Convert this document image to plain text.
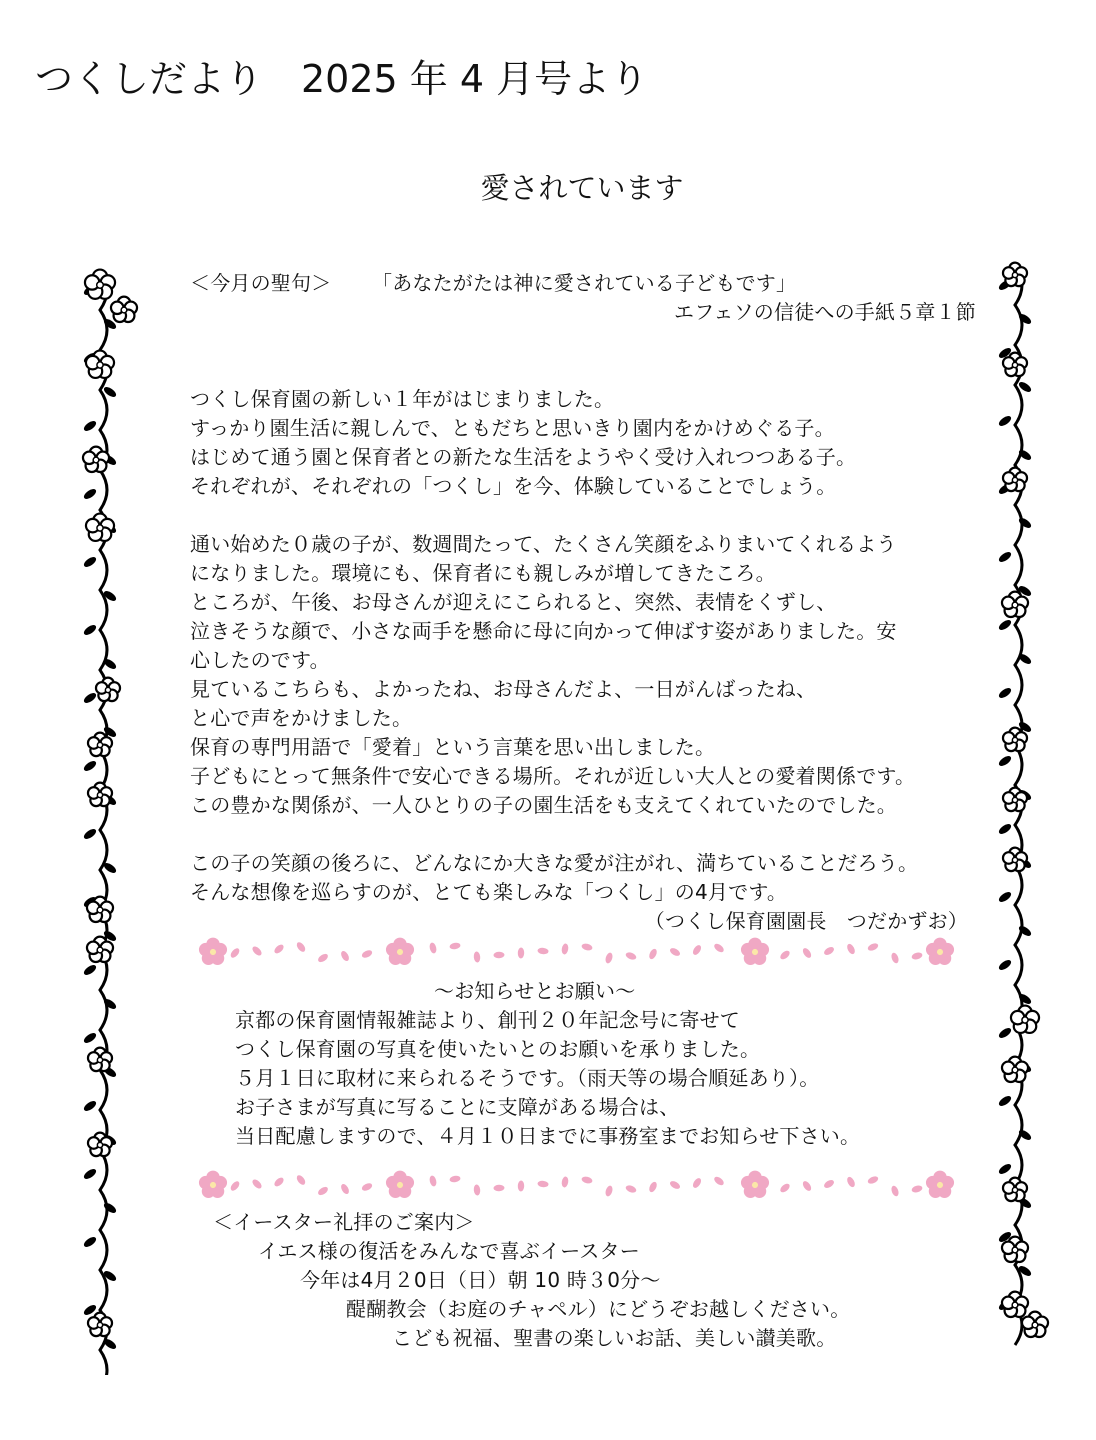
つくしだより　2025 年 4 月号より
愛されています
＜今月の聖句＞ 「あなたがたは神に愛されている子どもです」
エフェソの信徒への手紙５章１節
つくし保育園の新しい１年がはじまりました。
すっかり園生活に親しんで、ともだちと思いきり園内をかけめぐる子。
はじめて通う園と保育者との新たな生活をようやく受け入れつつある子。
それぞれが、それぞれの「つくし」を今、体験していることでしょう。
通い始めた０歳の子が、数週間たって、たくさん笑顔をふりまいてくれるよう
になりました。環境にも、保育者にも親しみが増してきたころ。
ところが、午後、お母さんが迎えにこられると、突然、表情をくずし、
泣きそうな顔で、小さな両手を懸命に母に向かって伸ばす姿がありました。安
心したのです。
見ているこちらも、よかったね、お母さんだよ、一日がんばったね、
と心で声をかけました。
保育の専門用語で「愛着」という言葉を思い出しました。
子どもにとって無条件で安心できる場所。それが近しい大人との愛着関係です。
この豊かな関係が、一人ひとりの子の園生活をも支えてくれていたのでした。
この子の笑顔の後ろに、どんなにか大きな愛が注がれ、満ちていることだろう。
そんな想像を巡らすのが、とても楽しみな「つくし」の4月です。
（つくし保育園園長　つだかずお）
～お知らせとお願い～
京都の保育園情報雑誌より、創刊２０年記念号に寄せて
つくし保育園の写真を使いたいとのお願いを承りました。
５月１日に取材に来られるそうです。（雨天等の場合順延あり）。
お子さまが写真に写ることに支障がある場合は、
当日配慮しますので、４月１０日までに事務室までお知らせ下さい。
＜イースター礼拝のご案内＞
イエス様の復活をみんなで喜ぶイースター
今年は4月２0日（日）朝 10 時３0分～
醍醐教会（お庭のチャペル）にどうぞお越しください。
こども祝福、聖書の楽しいお話、美しい讃美歌。
